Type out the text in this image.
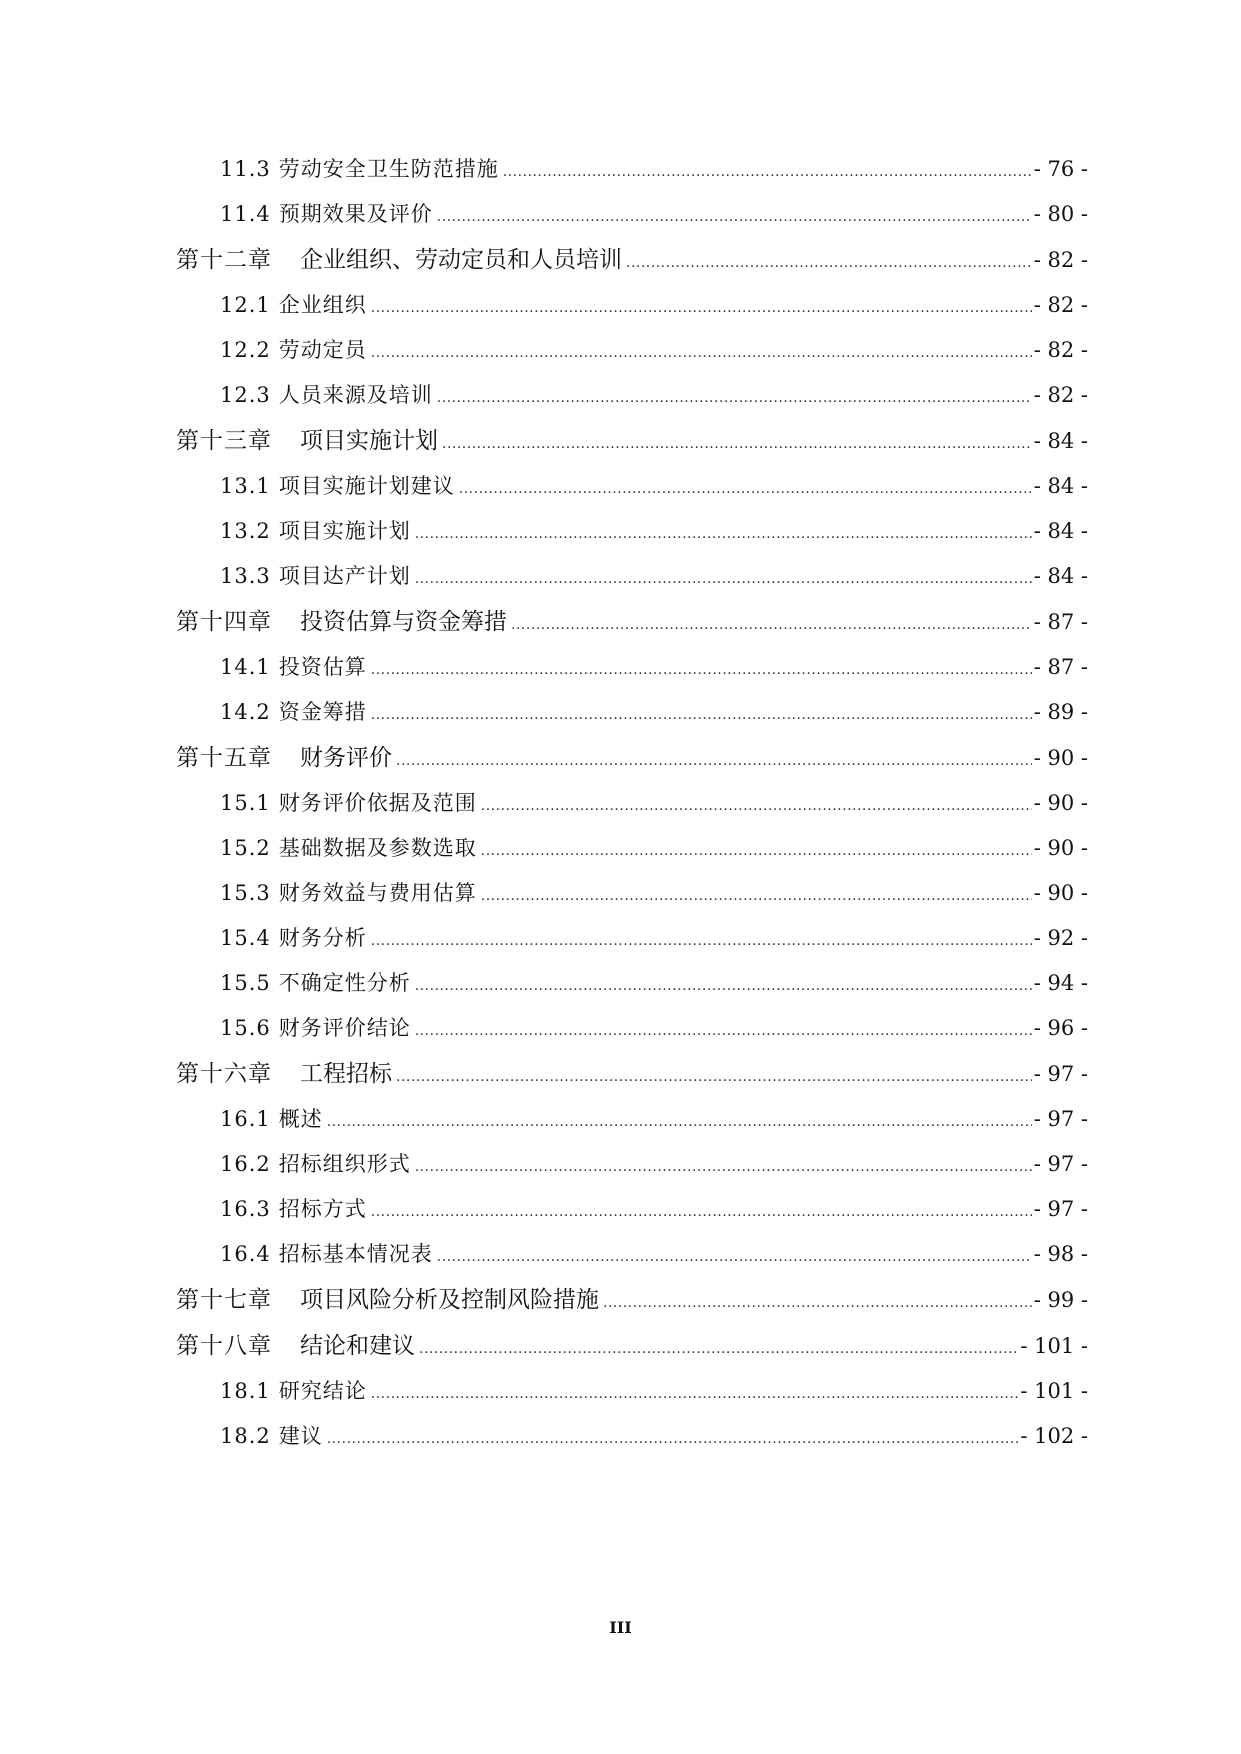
11.3 劳动安全卫生防范措施 .....	- 76 -
11.4 预期效果及评价 .....	- 80 -
第十二章 企业组织、劳动定员和人员培训 .....	- 82 -
12.1 企业组织 .....	- 82 -
12.2 劳动定员 .....	- 82 -
12.3 人员来源及培训 .....	- 82 -
第十三章 项目实施计划 .....	- 84 -
13.1 项目实施计划建议 .....	- 84 -
13.2 项目实施计划 .....	- 84 -
13.3 项目达产计划 .....	- 84 -
第十四章 投资估算与资金筹措 .....	- 87 -
14.1 投资估算 .....	- 87 -
14.2 资金筹措 .....	- 89 -
第十五章 财务评价 .....	- 90 -
15.1 财务评价依据及范围 .....	- 90 -
15.2 基础数据及参数选取 .....	- 90 -
15.3 财务效益与费用估算 .....	- 90 -
15.4 财务分析 .....	- 92 -
15.5 不确定性分析 .....	- 94 -
15.6 财务评价结论 .....	- 96 -
第十六章 工程招标 .....	- 97 -
16.1 概述 .....	- 97 -
16.2 招标组织形式 .....	- 97 -
16.3 招标方式 .....	- 97 -
16.4 招标基本情况表 .....	- 98 -
第十七章 项目风险分析及控制风险措施 .....	- 99 -
第十八章 结论和建议 .....	- 101 -
18.1 研究结论 .....	- 101 -
18.2 建议 .....	- 102 -
III
